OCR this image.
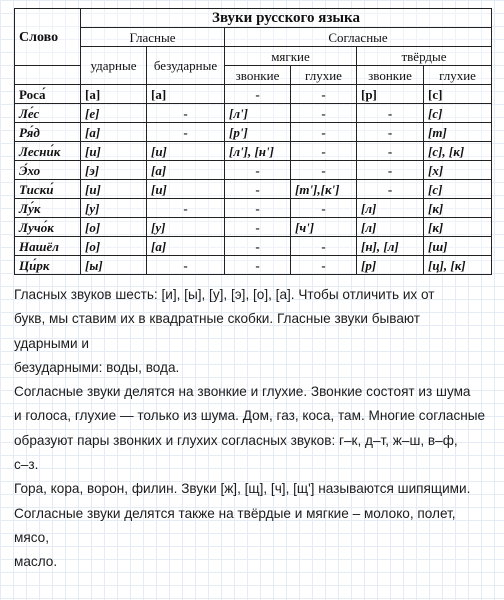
Слово	Звуки русского языка					
	Гласные		Согласные			
	ударные	безударные	мягкие		твёрдые	
			звонкие	глухие	звонкие	глухие
Роса́	[а]	[а]	-	-	[р]	[с]
Ле́с	[е]	-	[л']	-	-	[с]
Ря́д	[а]	-	[р']	-	-	[т]
Лесни́к	[и]	[и]	[л'], [н']	-	-	[с], [к]
Э́хо	[э]	[а]	-	-	-	[х]
Тиски́	[и]	[и]	-	[т'],[к']	-	[с]
Лу́к	[у]	-	-	-	[л]	[к]
Лучо́к	[о]	[у]	-	[ч']	[л]	[к]
Нашёл	[о]	[а]	-	-	[н], [л]	[ш]
Ци́рк	[ы]	-	-	-	[р]	[ц], [к]

Гласных звуков шесть: [и], [ы], [у], [э], [о], [а]. Чтобы отличить их от

букв, мы ставим их в квадратные скобки. Гласные звуки бывают

ударными и

безударными: воды, вода.

Согласные звуки делятся на звонкие и глухие. Звонкие состоят из шума

и голоса, глухие — только из шума. Дом, газ, коса, там. Многие согласные

образуют пары звонких и глухих согласных звуков: г–к, д–т, ж–ш, в–ф,

с–з.

Гора, кора, ворон, филин. Звуки [ж], [щ], [ч], [щ'] называются шипящими.

Согласные звуки делятся также на твёрдые и мягкие – молоко, полет,

мясо,

масло.
